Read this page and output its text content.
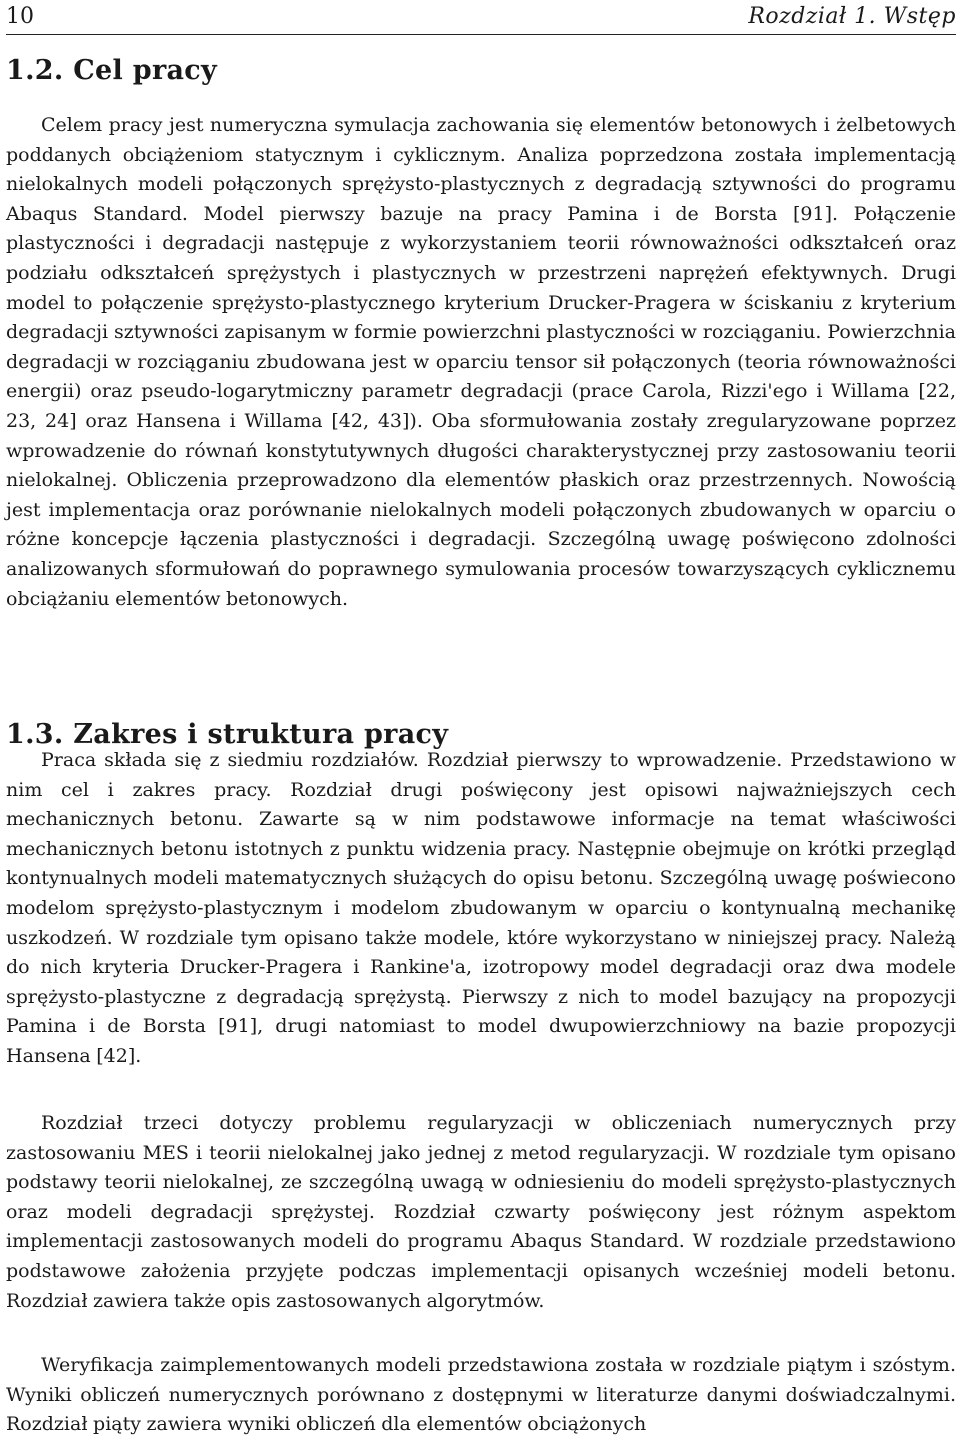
10	Rozdział 1. Wstęp
1.2. Cel pracy

Celem pracy jest numeryczna symulacja zachowania się elementów betonowych i żelbetowych poddanych obciążeniom statycznym i cyklicznym. Analiza poprzedzona została implementacją nielokalnych modeli połączonych sprężysto-plastycznych z degradacją sztywności do programu Abaqus Standard. Model pierwszy bazuje na pracy Pamina i de Borsta [91]. Połączenie plastyczności i degradacji następuje z wykorzystaniem teorii równoważności odkształceń oraz podziału odkształceń sprężystych i plastycznych w przestrzeni naprężeń efektywnych. Drugi model to połączenie sprężysto-plastycznego kryterium Drucker-Pragera w ściskaniu z kryterium degradacji sztywności zapisanym w formie powierzchni plastyczności w rozciąganiu. Powierzchnia degradacji w rozciąganiu zbudowana jest w oparciu tensor sił połączonych (teoria równoważności energii) oraz pseudo-logarytmiczny parametr degradacji (prace Carola, Rizzi'ego i Willama [22, 23, 24] oraz Hansena i Willama [42, 43]). Oba sformułowania zostały zregularyzowane poprzez wprowadzenie do równań konstytutywnych długości charakterystycznej przy zastosowaniu teorii nielokalnej. Obliczenia przeprowadzono dla elementów płaskich oraz przestrzennych. Nowością jest implementacja oraz porównanie nielokalnych modeli połączonych zbudowanych w oparciu o różne koncepcje łączenia plastyczności i degradacji. Szczególną uwagę poświęcono zdolności analizowanych sformułowań do poprawnego symulowania procesów towarzyszących cyklicznemu obciążaniu elementów betonowych.

1.3. Zakres i struktura pracy

Praca składa się z siedmiu rozdziałów. Rozdział pierwszy to wprowadzenie. Przedstawiono w nim cel i zakres pracy. Rozdział drugi poświęcony jest opisowi najważniejszych cech mechanicznych betonu. Zawarte są w nim podstawowe informacje na temat właściwości mechanicznych betonu istotnych z punktu widzenia pracy. Następnie obejmuje on krótki przegląd kontynualnych modeli matematycznych służących do opisu betonu. Szczególną uwagę poświecono modelom sprężysto-plastycznym i modelom zbudowanym w oparciu o kontynualną mechanikę uszkodzeń. W rozdziale tym opisano także modele, które wykorzystano w niniejszej pracy. Należą do nich kryteria Drucker-Pragera i Rankine'a, izotropowy model degradacji oraz dwa modele sprężysto-plastyczne z degradacją sprężystą. Pierwszy z nich to model bazujący na propozycji Pamina i de Borsta [91], drugi natomiast to model dwupowierzchniowy na bazie propozycji Hansena [42].

Rozdział trzeci dotyczy problemu regularyzacji w obliczeniach numerycznych przy zastosowaniu MES i teorii nielokalnej jako jednej z metod regularyzacji. W rozdziale tym opisano podstawy teorii nielokalnej, ze szczególną uwagą w odniesieniu do modeli sprężysto-plastycznych oraz modeli degradacji sprężystej. Rozdział czwarty poświęcony jest różnym aspektom implementacji zastosowanych modeli do programu Abaqus Standard. W rozdziale przedstawiono podstawowe założenia przyjęte podczas implementacji opisanych wcześniej modeli betonu. Rozdział zawiera także opis zastosowanych algorytmów.

Weryfikacja zaimplementowanych modeli przedstawiona została w rozdziale piątym i szóstym. Wyniki obliczeń numerycznych porównano z dostępnymi w literaturze danymi doświadczalnymi. Rozdział piąty zawiera wyniki obliczeń dla elementów obciążonych
